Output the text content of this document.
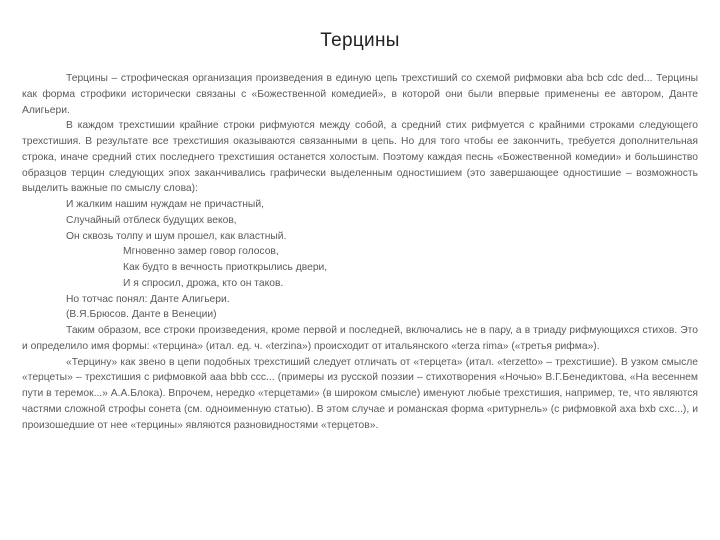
Терцины

Терцины – строфическая организация произведения в единую цепь трехстиший со схемой рифмовки aba bcb cdc ded... Терцины как форма строфики исторически связаны с «Божественной комедией», в которой они были впервые применены ее автором, Данте Алигьери.

В каждом трехстишии крайние строки рифмуются между собой, а средний стих рифмуется с крайними строками следующего трехстишия. В результате все трехстишия оказываются связанными в цепь. Но для того чтобы ее закончить, требуется дополнительная строка, иначе средний стих последнего трехстишия останется холостым. Поэтому каждая песнь «Божественной комедии» и большинство образцов терцин следующих эпох заканчивались графически выделенным одностишием (это завершающее одностишие – возможность выделить важные по смыслу слова):

И жалким нашим нуждам не причастный,
Случайный отблеск будущих веков,
Он сквозь толпу и шум прошел, как властный.
Мгновенно замер говор голосов,
Как будто в вечность приоткрылись двери,
И я спросил, дрожа, кто он таков.
Но тотчас понял: Данте Алигьери.
(В.Я.Брюсов. Данте в Венеции)

Таким образом, все строки произведения, кроме первой и последней, включались не в пару, а в триаду рифмующихся стихов. Это и определило имя формы: «терцина» (итал. ед. ч. «terzina») происходит от итальянского «terza rima» («третья рифма»).

«Терцину» как звено в цепи подобных трехстиший следует отличать от «терцета» (итал. «terzetto» – трехстишие). В узком смысле «терцеты» – трехстишия с рифмовкой aaa bbb ccc... (примеры из русской поэзии – стихотворения «Ночью» В.Г.Бенедиктова, «На весеннем пути в теремок...» А.А.Блока). Впрочем, нередко «терцетами» (в широком смысле) именуют любые трехстишия, например, те, что являются частями сложной строфы сонета (см. одноименную статью). В этом случае и романская форма «ритурнель» (с рифмовкой axa bxb cxc...), и произошедшие от нее «терцины» являются разновидностями «терцетов».
